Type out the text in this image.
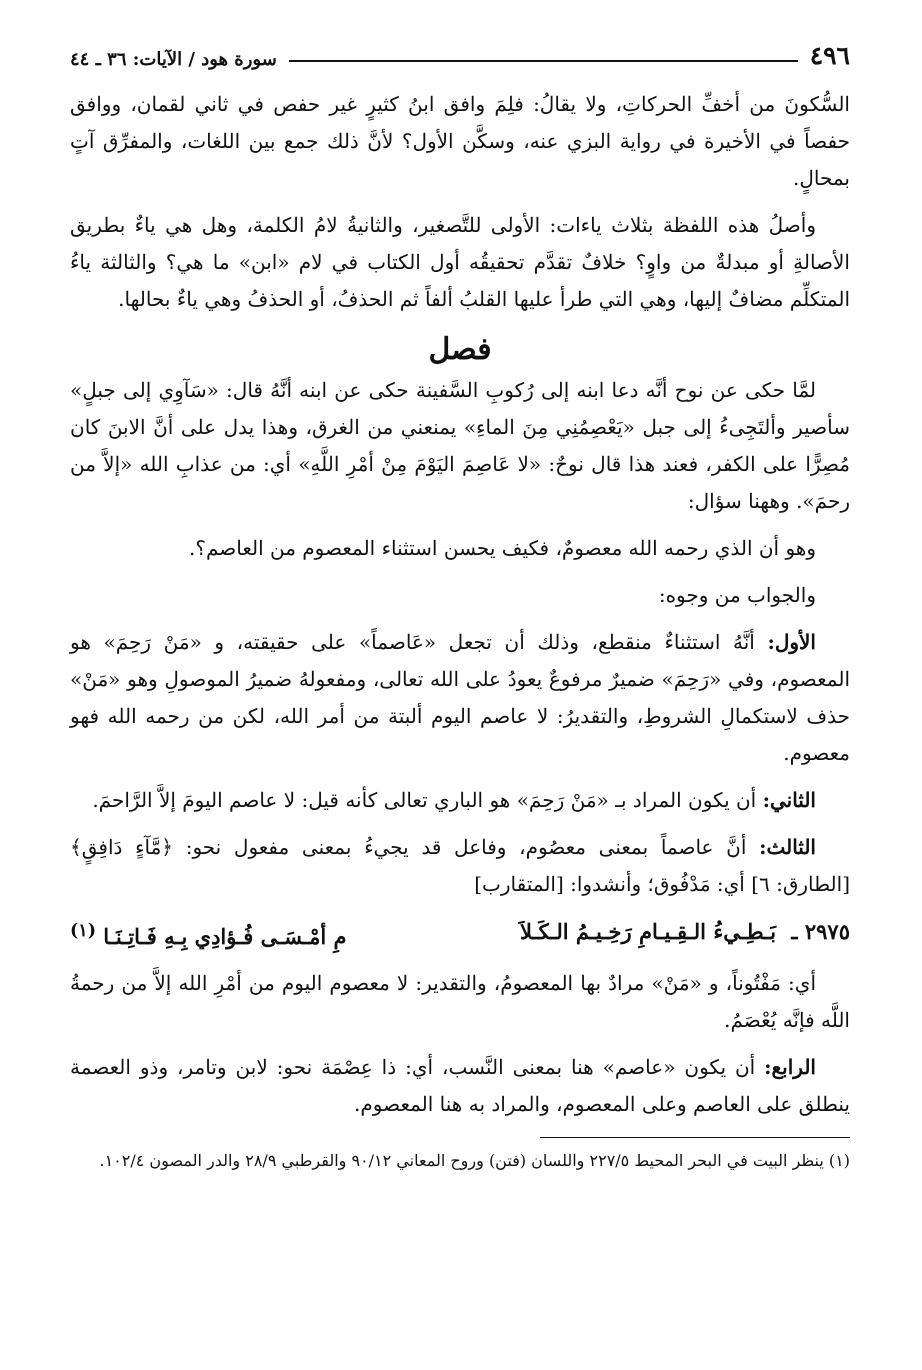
٤٩٦
سورة هود / الآيات: ٣٦ ـ ٤٤

السُّكونَ من أخفِّ الحركاتِ، ولا يقالُ: فلِمَ وافق ابنُ كثيرٍ غير حفص في ثاني لقمان، ووافق حفصاً في الأخيرة في رواية البزي عنه، وسكَّن الأول؟ لأنَّ ذلك جمع بين اللغات، والمفرِّق آتٍ بمحالٍ.

وأصلُ هذه اللفظة بثلاث ياءات: الأولى للتَّصغير، والثانيةُ لامُ الكلمة، وهل هي ياءٌ بطريق الأصالةِ أو مبدلةٌ من واوٍ؟ خلافٌ تقدَّم تحقيقُه أول الكتاب في لام «ابن» ما هي؟ والثالثة ياءُ المتكلِّم مضافٌ إليها، وهي التي طرأ عليها القلبُ ألفاً ثم الحذفُ، أو الحذفُ وهي ياءٌ بحالها.

فصل

لمَّا حكى عن نوح أنَّه دعا ابنه إلى رُكوبِ السَّفينة حكى عن ابنه أنَّهُ قال: «سَآوِي إلى جبلٍ» سأصير وألتَجِىءُ إلى جبل «يَعْصِمُنِي مِنَ الماءِ» يمنعني من الغرق، وهذا يدل على أنَّ الابنَ كان مُصِرًّا على الكفر، فعند هذا قال نوحٌ: «لا عَاصِمَ اليَوْمَ مِنْ أمْرِ اللَّهِ» أي: من عذابِ الله «إلاَّ من رحمَ». وههنا سؤال:

وهو أن الذي رحمه الله معصومٌ، فكيف يحسن استثناء المعصوم من العاصم؟.

والجواب من وجوه:

الأول: أنَّهُ استثناءٌ منقطع، وذلك أن تجعل «عَاصماً» على حقيقته، و «مَنْ رَحِمَ» هو المعصوم، وفي «رَحِمَ» ضميرٌ مرفوعٌ يعودُ على الله تعالى، ومفعولهُ ضميرُ الموصولِ وهو «مَنْ» حذف لاستكمالِ الشروطِ، والتقديرُ: لا عاصم اليوم ألبتة من أمر الله، لكن من رحمه الله فهو معصوم.

الثاني: أن يكون المراد بـ «مَنْ رَحِمَ» هو الباري تعالى كأنه قيل: لا عاصم اليومَ إلاَّ الرَّاحمَ.

الثالث: أنَّ عاصماً بمعنى معصُوم، وفاعل قد يجيءُ بمعنى مفعول نحو: ﴿مَّآءٍ دَافِقٍ﴾ [الطارق: ٦] أي: مَدْفُوق؛ وأنشدوا: [المتقارب]

٢٩٧٥ ـ بَـطِـيءُ الـقِـيـامِ رَخِـيـمُ الـكَـلاَ
مِ أمْـسَـى فُـؤادِي بِـهِ فَـاتِـنَـا $^{(١)}$

أي: مَفْتُوناً، و «مَنْ» مرادٌ بها المعصومُ، والتقدير: لا معصوم اليوم من أمْرِ الله إلاَّ من رحمةُ اللَّه فإنَّه يُعْصَمُ.

الرابع: أن يكون «عاصم» هنا بمعنى النَّسب، أي: ذا عِصْمَة نحو: لابن وتامر، وذو العصمة ينطلق على العاصم وعلى المعصوم، والمراد به هنا المعصوم.

(١) ينظر البيت في البحر المحيط ٢٢٧/٥ واللسان (فتن) وروح المعاني ٩٠/١٢ والقرطبي ٢٨/٩ والدر المصون ١٠٢/٤.
